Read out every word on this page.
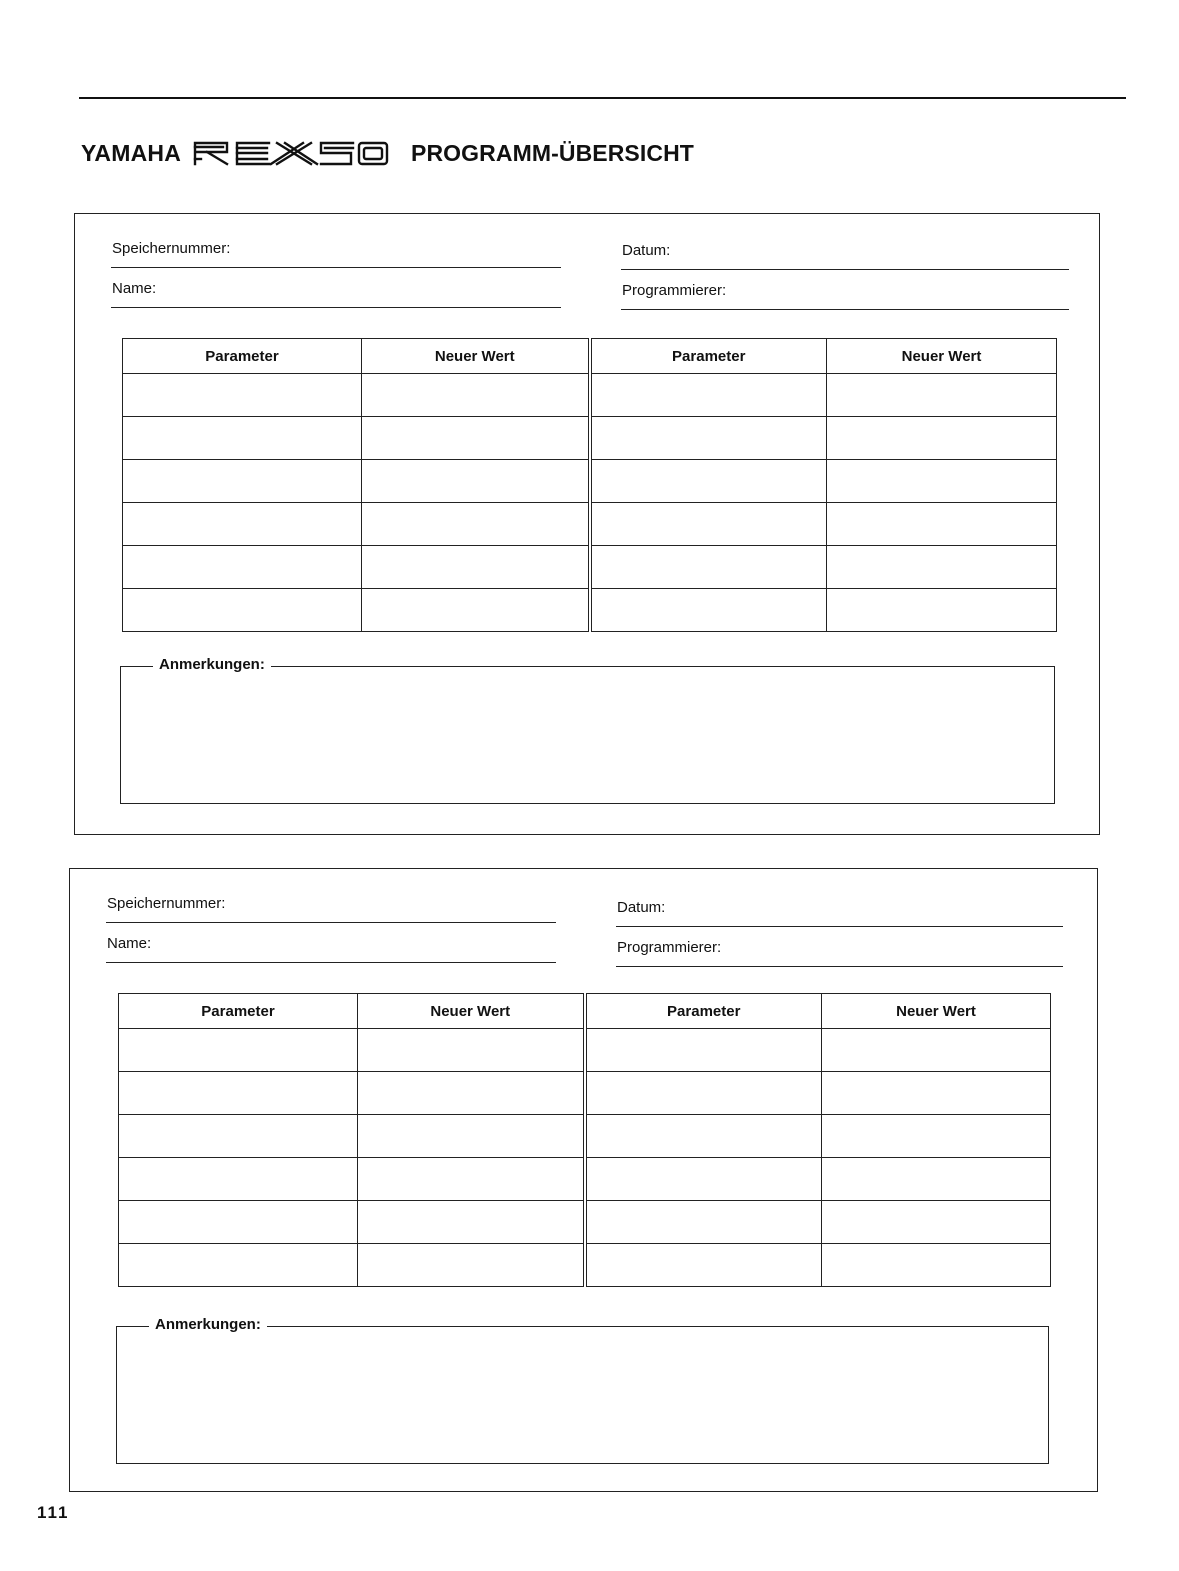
YAMAHA	PROGRAMM-ÜBERSICHT
Speichernummer:	Datum:
Name:	Programmierer:
Parameter	Neuer Wert	Parameter	Neuer Wert

Anmerkungen:
Speichernummer:	Datum:
Name:	Programmierer:
Parameter	Neuer Wert	Parameter	Neuer Wert

Anmerkungen:
111
